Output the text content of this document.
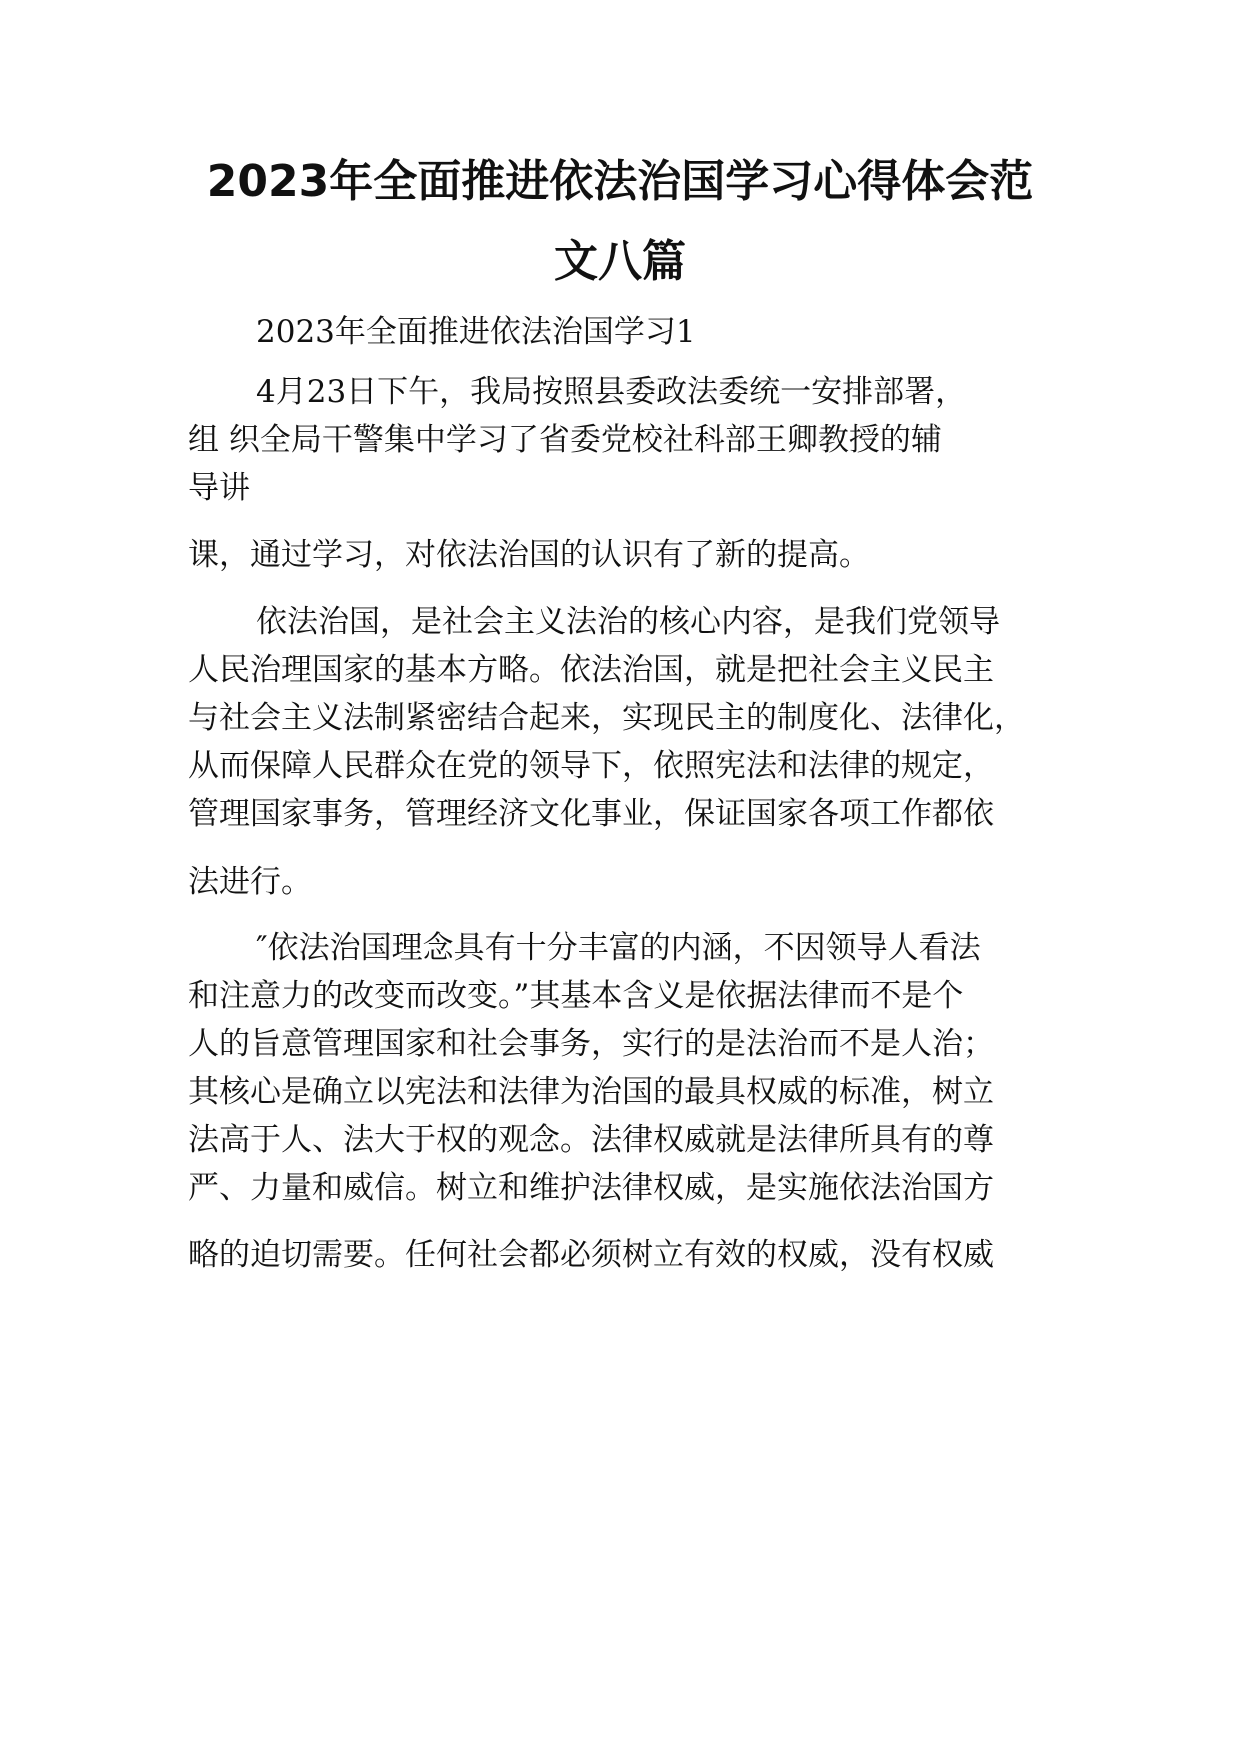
2023年全面推进依法治国学习心得体会范
文八篇

2023年全面推进依法治国学习1

4月23日下午，我局按照县委政法委统一安排部署，

组 织全局干警集中学习了省委党校社科部王卿教授的辅

导讲

课，通过学习，对依法治国的认识有了新的提高。

依法治国，是社会主义法治的核心内容，是我们党领导

人民治理国家的基本方略。依法治国，就是把社会主义民主

与社会主义法制紧密结合起来，实现民主的制度化、法律化，

从而保障人民群众在党的领导下，依照宪法和法律的规定，

管理国家事务，管理经济文化事业，保证国家各项工作都依

法进行。

″依法治国理念具有十分丰富的内涵，不因领导人看法

和注意力的改变而改变。”其基本含义是依据法律而不是个

人的旨意管理国家和社会事务，实行的是法治而不是人治；

其核心是确立以宪法和法律为治国的最具权威的标准，树立

法高于人、法大于权的观念。法律权威就是法律所具有的尊

严、力量和威信。树立和维护法律权威，是实施依法治国方

略的迫切需要。任何社会都必须树立有效的权威，没有权威
